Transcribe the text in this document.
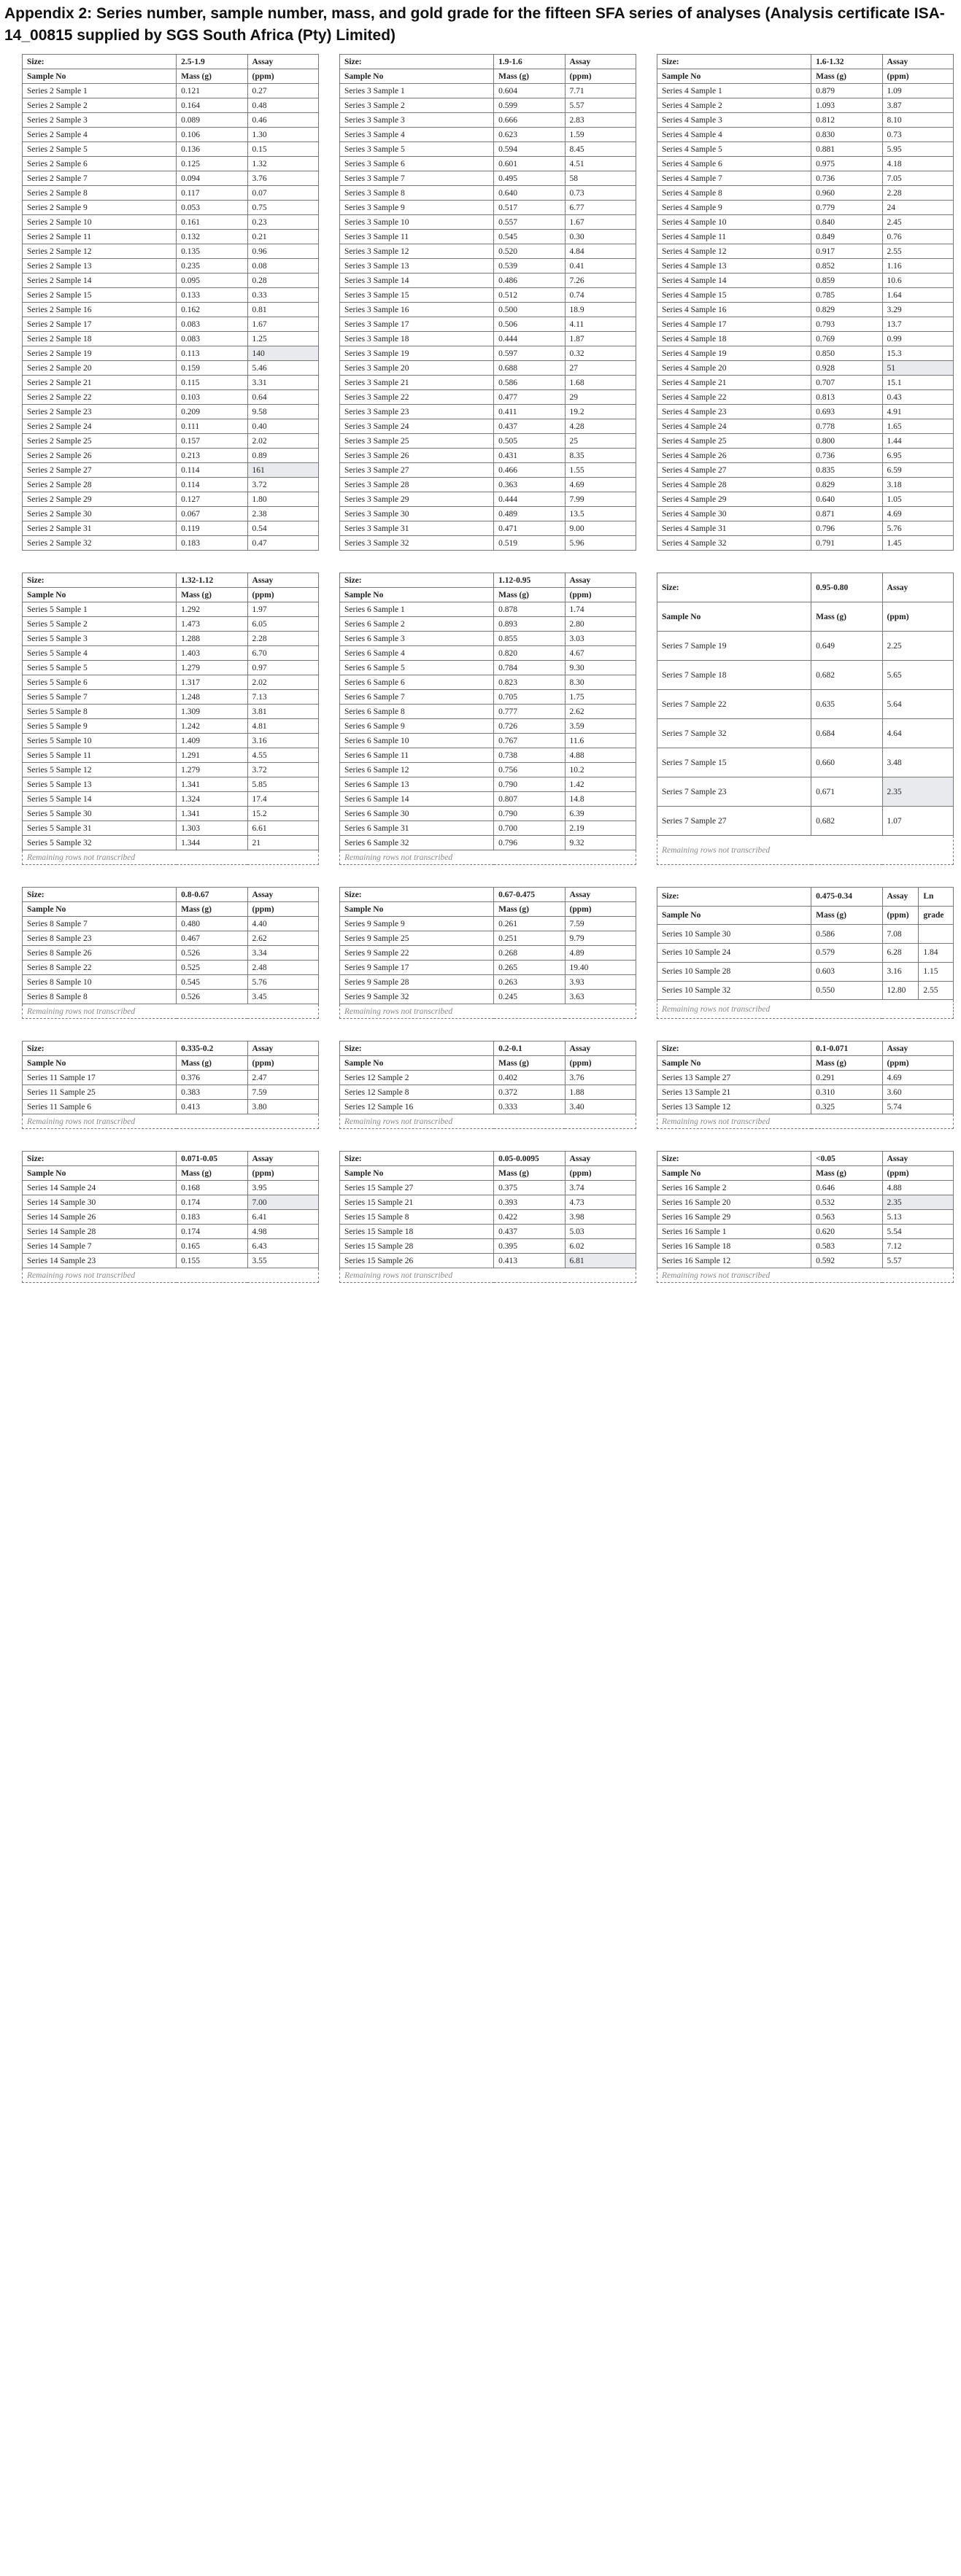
Appendix 2: Series number, sample number, mass, and gold grade for the fifteen SFA series of analyses (Analysis certificate ISA-14_00815 supplied by SGS South Africa (Pty) Limited)
Size:	2.5-1.9	Assay
Sample No	Mass (g)	(ppm)
Series 2 Sample 1	0.121	0.27
Series 2 Sample 2	0.164	0.48
Series 2 Sample 3	0.089	0.46
Series 2 Sample 4	0.106	1.30
Series 2 Sample 5	0.136	0.15
Series 2 Sample 6	0.125	1.32
Series 2 Sample 7	0.094	3.76
Series 2 Sample 8	0.117	0.07
Series 2 Sample 9	0.053	0.75
Series 2 Sample 10	0.161	0.23
Series 2 Sample 11	0.132	0.21
Series 2 Sample 12	0.135	0.96
Series 2 Sample 13	0.235	0.08
Series 2 Sample 14	0.095	0.28
Series 2 Sample 15	0.133	0.33
Series 2 Sample 16	0.162	0.81
Series 2 Sample 17	0.083	1.67
Series 2 Sample 18	0.083	1.25
Series 2 Sample 19	0.113	140
Series 2 Sample 20	0.159	5.46
Series 2 Sample 21	0.115	3.31
Series 2 Sample 22	0.103	0.64
Series 2 Sample 23	0.209	9.58
Series 2 Sample 24	0.111	0.40
Series 2 Sample 25	0.157	2.02
Series 2 Sample 26	0.213	0.89
Series 2 Sample 27	0.114	161
Series 2 Sample 28	0.114	3.72
Series 2 Sample 29	0.127	1.80
Series 2 Sample 30	0.067	2.38
Series 2 Sample 31	0.119	0.54
Series 2 Sample 32	0.183	0.47
Size:	1.9-1.6	Assay
Sample No	Mass (g)	(ppm)
Series 3 Sample 1	0.604	7.71
Series 3 Sample 2	0.599	5.57
Series 3 Sample 3	0.666	2.83
Series 3 Sample 4	0.623	1.59
Series 3 Sample 5	0.594	8.45
Series 3 Sample 6	0.601	4.51
Series 3 Sample 7	0.495	58
Series 3 Sample 8	0.640	0.73
Series 3 Sample 9	0.517	6.77
Series 3 Sample 10	0.557	1.67
Series 3 Sample 11	0.545	0.30
Series 3 Sample 12	0.520	4.84
Series 3 Sample 13	0.539	0.41
Series 3 Sample 14	0.486	7.26
Series 3 Sample 15	0.512	0.74
Series 3 Sample 16	0.500	18.9
Series 3 Sample 17	0.506	4.11
Series 3 Sample 18	0.444	1.87
Series 3 Sample 19	0.597	0.32
Series 3 Sample 20	0.688	27
Series 3 Sample 21	0.586	1.68
Series 3 Sample 22	0.477	29
Series 3 Sample 23	0.411	19.2
Series 3 Sample 24	0.437	4.28
Series 3 Sample 25	0.505	25
Series 3 Sample 26	0.431	8.35
Series 3 Sample 27	0.466	1.55
Series 3 Sample 28	0.363	4.69
Series 3 Sample 29	0.444	7.99
Series 3 Sample 30	0.489	13.5
Series 3 Sample 31	0.471	9.00
Series 3 Sample 32	0.519	5.96
Size:	1.6-1.32	Assay
Sample No	Mass (g)	(ppm)
Series 4 Sample 1	0.879	1.09
Series 4 Sample 2	1.093	3.87
Series 4 Sample 3	0.812	8.10
Series 4 Sample 4	0.830	0.73
Series 4 Sample 5	0.881	5.95
Series 4 Sample 6	0.975	4.18
Series 4 Sample 7	0.736	7.05
Series 4 Sample 8	0.960	2.28
Series 4 Sample 9	0.779	24
Series 4 Sample 10	0.840	2.45
Series 4 Sample 11	0.849	0.76
Series 4 Sample 12	0.917	2.55
Series 4 Sample 13	0.852	1.16
Series 4 Sample 14	0.859	10.6
Series 4 Sample 15	0.785	1.64
Series 4 Sample 16	0.829	3.29
Series 4 Sample 17	0.793	13.7
Series 4 Sample 18	0.769	0.99
Series 4 Sample 19	0.850	15.3
Series 4 Sample 20	0.928	51
Series 4 Sample 21	0.707	15.1
Series 4 Sample 22	0.813	0.43
Series 4 Sample 23	0.693	4.91
Series 4 Sample 24	0.778	1.65
Series 4 Sample 25	0.800	1.44
Series 4 Sample 26	0.736	6.95
Series 4 Sample 27	0.835	6.59
Series 4 Sample 28	0.829	3.18
Series 4 Sample 29	0.640	1.05
Series 4 Sample 30	0.871	4.69
Series 4 Sample 31	0.796	5.76
Series 4 Sample 32	0.791	1.45
Size:	1.32-1.12	Assay
Sample No	Mass (g)	(ppm)
Series 5 Sample 1	1.292	1.97
Series 5 Sample 2	1.473	6.05
Series 5 Sample 3	1.288	2.28
Series 5 Sample 4	1.403	6.70
Series 5 Sample 5	1.279	0.97
Series 5 Sample 6	1.317	2.02
Series 5 Sample 7	1.248	7.13
Series 5 Sample 8	1.309	3.81
Series 5 Sample 9	1.242	4.81
Series 5 Sample 10	1.409	3.16
Series 5 Sample 11	1.291	4.55
Series 5 Sample 12	1.279	3.72
Series 5 Sample 13	1.341	5.85
Series 5 Sample 14	1.324	17.4
Series 5 Sample 30	1.341	15.2
Series 5 Sample 31	1.303	6.61
Series 5 Sample 32	1.344	21
Remaining rows not transcribed		
Size:	1.12-0.95	Assay
Sample No	Mass (g)	(ppm)
Series 6 Sample 1	0.878	1.74
Series 6 Sample 2	0.893	2.80
Series 6 Sample 3	0.855	3.03
Series 6 Sample 4	0.820	4.67
Series 6 Sample 5	0.784	9.30
Series 6 Sample 6	0.823	8.30
Series 6 Sample 7	0.705	1.75
Series 6 Sample 8	0.777	2.62
Series 6 Sample 9	0.726	3.59
Series 6 Sample 10	0.767	11.6
Series 6 Sample 11	0.738	4.88
Series 6 Sample 12	0.756	10.2
Series 6 Sample 13	0.790	1.42
Series 6 Sample 14	0.807	14.8
Series 6 Sample 30	0.790	6.39
Series 6 Sample 31	0.700	2.19
Series 6 Sample 32	0.796	9.32
Remaining rows not transcribed		
Size:	0.95-0.80	Assay
Sample No	Mass (g)	(ppm)
Series 7 Sample 19	0.649	2.25
Series 7 Sample 18	0.682	5.65
Series 7 Sample 22	0.635	5.64
Series 7 Sample 32	0.684	4.64
Series 7 Sample 15	0.660	3.48
Series 7 Sample 23	0.671	2.35
Series 7 Sample 27	0.682	1.07
Remaining rows not transcribed		
Size:	0.8-0.67	Assay
Sample No	Mass (g)	(ppm)
Series 8 Sample 7	0.480	4.40
Series 8 Sample 23	0.467	2.62
Series 8 Sample 26	0.526	3.34
Series 8 Sample 22	0.525	2.48
Series 8 Sample 10	0.545	5.76
Series 8 Sample 8	0.526	3.45
Remaining rows not transcribed		
Size:	0.67-0.475	Assay
Sample No	Mass (g)	(ppm)
Series 9 Sample 9	0.261	7.59
Series 9 Sample 25	0.251	9.79
Series 9 Sample 22	0.268	4.89
Series 9 Sample 17	0.265	19.40
Series 9 Sample 28	0.263	3.93
Series 9 Sample 32	0.245	3.63
Remaining rows not transcribed		
Size:	0.475-0.34	Assay	Ln
Sample No	Mass (g)	(ppm)	grade
Series 10 Sample 30	0.586	7.08	
Series 10 Sample 24	0.579	6.28	1.84
Series 10 Sample 28	0.603	3.16	1.15
Series 10 Sample 32	0.550	12.80	2.55
Remaining rows not transcribed			
Size:	0.335-0.2	Assay
Sample No	Mass (g)	(ppm)
Series 11 Sample 17	0.376	2.47
Series 11 Sample 25	0.383	7.59
Series 11 Sample 6	0.413	3.80
Remaining rows not transcribed		
Size:	0.2-0.1	Assay
Sample No	Mass (g)	(ppm)
Series 12 Sample 2	0.402	3.76
Series 12 Sample 8	0.372	1.88
Series 12 Sample 16	0.333	3.40
Remaining rows not transcribed		
Size:	0.1-0.071	Assay
Sample No	Mass (g)	(ppm)
Series 13 Sample 27	0.291	4.69
Series 13 Sample 21	0.310	3.60
Series 13 Sample 12	0.325	5.74
Remaining rows not transcribed		
Size:	0.071-0.05	Assay
Sample No	Mass (g)	(ppm)
Series 14 Sample 24	0.168	3.95
Series 14 Sample 30	0.174	7.00
Series 14 Sample 26	0.183	6.41
Series 14 Sample 28	0.174	4.98
Series 14 Sample 7	0.165	6.43
Series 14 Sample 23	0.155	3.55
Remaining rows not transcribed		
Size:	0.05-0.0095	Assay
Sample No	Mass (g)	(ppm)
Series 15 Sample 27	0.375	3.74
Series 15 Sample 21	0.393	4.73
Series 15 Sample 8	0.422	3.98
Series 15 Sample 18	0.437	5.03
Series 15 Sample 28	0.395	6.02
Series 15 Sample 26	0.413	6.81
Remaining rows not transcribed		
Size:	<0.05	Assay
Sample No	Mass (g)	(ppm)
Series 16 Sample 2	0.646	4.88
Series 16 Sample 20	0.532	2.35
Series 16 Sample 29	0.563	5.13
Series 16 Sample 1	0.620	5.54
Series 16 Sample 18	0.583	7.12
Series 16 Sample 12	0.592	5.57
Remaining rows not transcribed		
